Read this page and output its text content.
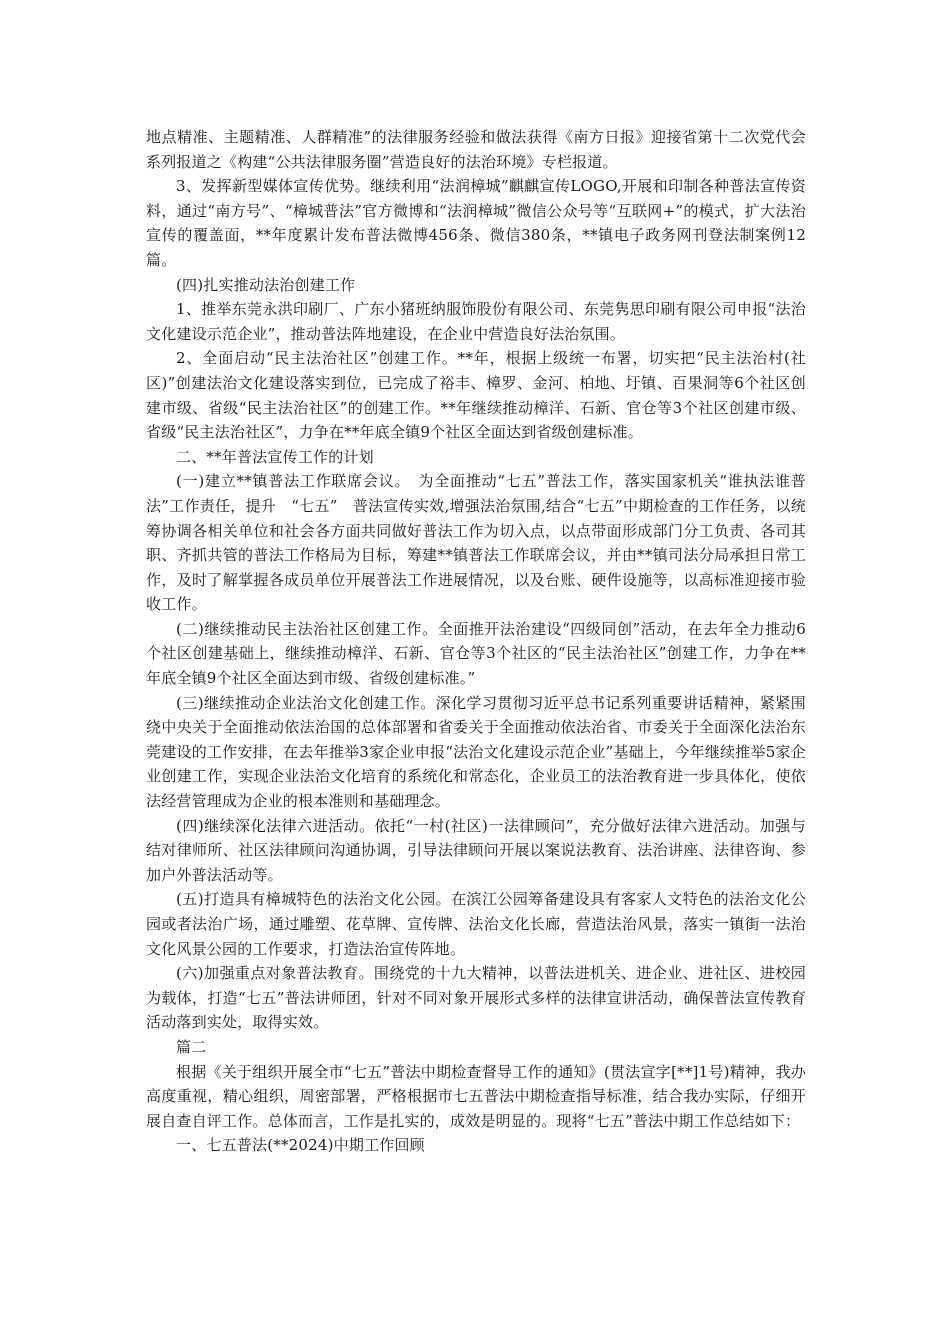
地点精准、主题精准、人群精准”的法律服务经验和做法获得《南方日报》迎接省第十二次党代会系列报道之《构建“公共法律服务圈”营造良好的法治环境》专栏报道。

3、发挥新型媒体宣传优势。继续利用“法润樟城”麒麒宣传LOGO,开展和印制各种普法宣传资料，通过“南方号”、“樟城普法”官方微博和“法润樟城”微信公众号等“互联网+”的模式，扩大法治宣传的覆盖面，**年度累计发布普法微博456条、微信380条，**镇电子政务网刊登法制案例12篇。

(四)扎实推动法治创建工作

1、推举东莞永洪印刷厂、广东小猪班纳服饰股份有限公司、东莞隽思印刷有限公司申报“法治文化建设示范企业”，推动普法阵地建设，在企业中营造良好法治氛围。

2、全面启动“民主法治社区”创建工作。**年，根据上级统一布署，切实把“民主法治村(社区)”创建法治文化建设落实到位，已完成了裕丰、樟罗、金河、柏地、圩镇、百果洞等6个社区创建市级、省级“民主法治社区”的创建工作。**年继续推动樟洋、石新、官仓等3个社区创建市级、省级“民主法治社区”，力争在**年底全镇9个社区全面达到省级创建标准。

二、**年普法宣传工作的计划

(一)建立**镇普法工作联席会议。　为全面推动“七五”普法工作，落实国家机关“谁执法谁普法”工作责任，提升　“七五”　普法宣传实效,增强法治氛围,结合“七五”中期检查的工作任务，以统筹协调各相关单位和社会各方面共同做好普法工作为切入点，以点带面形成部门分工负责、各司其职、齐抓共管的普法工作格局为目标，筹建**镇普法工作联席会议，并由**镇司法分局承担日常工作，及时了解掌握各成员单位开展普法工作进展情况，以及台账、硬件设施等，以高标准迎接市验收工作。

(二)继续推动民主法治社区创建工作。全面推开法治建设“四级同创”活动，在去年全力推动6个社区创建基础上，继续推动樟洋、石新、官仓等3个社区的“民主法治社区”创建工作，力争在**年底全镇9个社区全面达到市级、省级创建标准。”

(三)继续推动企业法治文化创建工作。深化学习贯彻习近平总书记系列重要讲话精神，紧紧围绕中央关于全面推动依法治国的总体部署和省委关于全面推动依法治省、市委关于全面深化法治东莞建设的工作安排，在去年推举3家企业申报“法治文化建设示范企业”基础上，今年继续推举5家企业创建工作，实现企业法治文化培育的系统化和常态化，企业员工的法治教育进一步具体化，使依法经营管理成为企业的根本准则和基础理念。

(四)继续深化法律六进活动。依托“一村(社区)一法律顾问”，充分做好法律六进活动。加强与结对律师所、社区法律顾问沟通协调，引导法律顾问开展以案说法教育、法治讲座、法律咨询、参加户外普法活动等。

(五)打造具有樟城特色的法治文化公园。在滨江公园筹备建设具有客家人文特色的法治文化公园或者法治广场，通过雕塑、花草牌、宣传牌、法治文化长廊，营造法治风景，落实一镇街一法治文化风景公园的工作要求，打造法治宣传阵地。

(六)加强重点对象普法教育。围绕党的十九大精神，以普法进机关、进企业、进社区、进校园为载体，打造“七五”普法讲师团，针对不同对象开展形式多样的法律宣讲活动，确保普法宣传教育活动落到实处，取得实效。

篇二

根据《关于组织开展全市“七五”普法中期检查督导工作的通知》(贯法宣字[**]1号)精神，我办高度重视，精心组织，周密部署，严格根据市七五普法中期检查指导标准，结合我办实际，仔细开展自查自评工作。总体而言，工作是扎实的，成效是明显的。现将“七五”普法中期工作总结如下：

一、七五普法(**2024)中期工作回顾
